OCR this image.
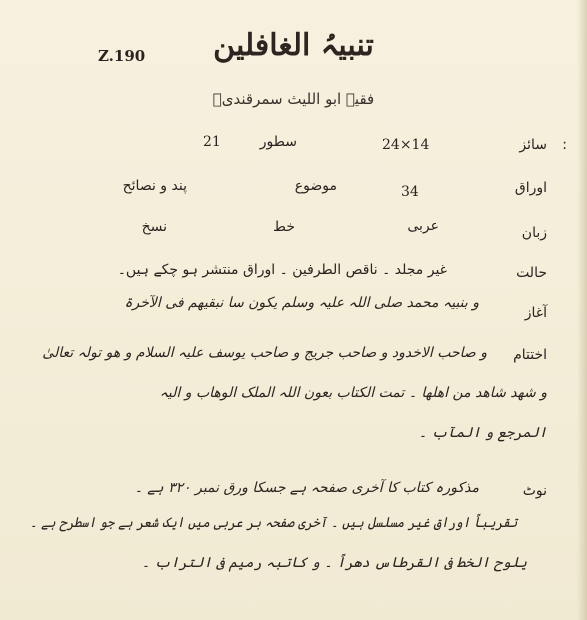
Z.190	تنبیہُ الغافلین
فقیہ ابو اللیث سمرقندیؒ
سائز :
24×14
سطور
21
اوراق
34
موضوع
پند و نصائح
زبان
عربی
خط
نسخ
حالت
غیر مجلد ۔ ناقص الطرفین ۔ اوراق منتشر ہو چکے ہیں۔
آغاز
و بنبیہ محمد صلی اللہ علیہ وسلم یکون سا نبقیھم فی الآخرۃ
اختتام
و صاحب الاخدود و صاحب جریج و صاحب یوسف علیہ السلام و ھو تولہ تعالیٰ
و شھد شاھد من اھلھا ۔ تمت الکتاب بعون اللہ الملک الوھاب و الیہ
المرجع و المآب ۔
نوٹ
مذکورہ کتاب کا آخری صفحہ ہے جسکا ورق نمبر ۳۲۰ ہے ۔
تقریباً اوراق غیر مسلسل ہیں ۔ آخری صفحہ بر عربی میں ایک شعر ہے جو اسطرح ہے ۔
یلوح الخط فی القرطاس دھراً ۔ و کاتبہ رمیم فی التراب ۔
